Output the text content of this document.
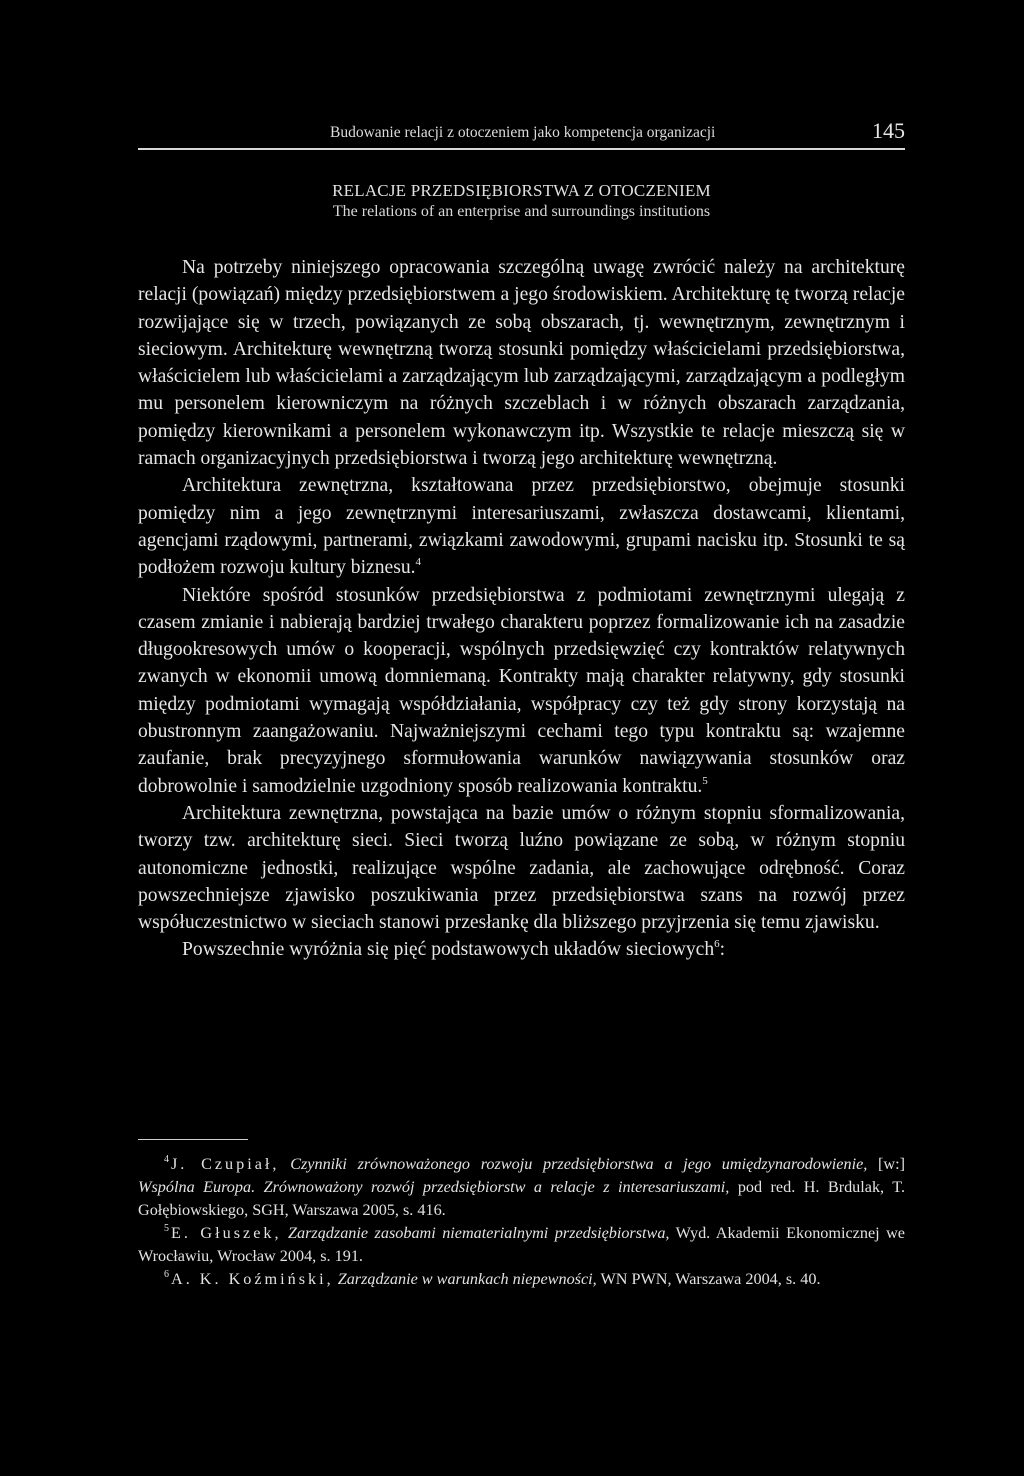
Budowanie relacji z otoczeniem jako kompetencja organizacji	145
RELACJE PRZEDSIĘBIORSTWA Z OTOCZENIEM
The relations of an enterprise and surroundings institutions

Na potrzeby niniejszego opracowania szczególną uwagę zwrócić należy na architekturę relacji (powiązań) między przedsiębiorstwem a jego środowiskiem. Architekturę tę tworzą relacje rozwijające się w trzech, powiązanych ze sobą obszarach, tj. wewnętrznym, zewnętrznym i sieciowym. Architekturę wewnętrzną tworzą stosunki pomiędzy właścicielami przedsiębiorstwa, właścicielem lub właścicielami a zarządzającym lub zarządzającymi, zarządzającym a podległym mu personelem kierowniczym na różnych szczeblach i w różnych obszarach zarządzania, pomiędzy kierownikami a personelem wykonawczym itp. Wszystkie te relacje mieszczą się w ramach organizacyjnych przedsiębiorstwa i tworzą jego architekturę wewnętrzną.

Architektura zewnętrzna, kształtowana przez przedsiębiorstwo, obejmuje stosunki pomiędzy nim a jego zewnętrznymi interesariuszami, zwłaszcza dostawcami, klientami, agencjami rządowymi, partnerami, związkami zawodowymi, grupami nacisku itp. Stosunki te są podłożem rozwoju kultury biznesu.$^4$

Niektóre spośród stosunków przedsiębiorstwa z podmiotami zewnętrznymi ulegają z czasem zmianie i nabierają bardziej trwałego charakteru poprzez formalizowanie ich na zasadzie długookresowych umów o kooperacji, wspólnych przedsięwzięć czy kontraktów relatywnych zwanych w ekonomii umową domniemaną. Kontrakty mają charakter relatywny, gdy stosunki między podmiotami wymagają współdziałania, współpracy czy też gdy strony korzystają na obustronnym zaangażowaniu. Najważniejszymi cechami tego typu kontraktu są: wzajemne zaufanie, brak precyzyjnego sformułowania warunków nawiązywania stosunków oraz dobrowolnie i samodzielnie uzgodniony sposób realizowania kontraktu.$^5$

Architektura zewnętrzna, powstająca na bazie umów o różnym stopniu sformalizowania, tworzy tzw. architekturę sieci. Sieci tworzą luźno powiązane ze sobą, w różnym stopniu autonomiczne jednostki, realizujące wspólne zadania, ale zachowujące odrębność. Coraz powszechniejsze zjawisko poszukiwania przez przedsiębiorstwa szans na rozwój przez współuczestnictwo w sieciach stanowi przesłankę dla bliższego przyjrzenia się temu zjawisku.

Powszechnie wyróżnia się pięć podstawowych układów sieciowych$^6$:

$^4$ J. Czupiał, Czynniki zrównoważonego rozwoju przedsiębiorstwa a jego umiędzynarodowienie, [w:] Wspólna Europa. Zrównoważony rozwój przedsiębiorstw a relacje z interesariuszami, pod red. H. Brdulak, T. Gołębiowskiego, SGH, Warszawa 2005, s. 416.

$^5$ E. Głuszek, Zarządzanie zasobami niematerialnymi przedsiębiorstwa, Wyd. Akademii Ekonomicznej we Wrocławiu, Wrocław 2004, s. 191.

$^6$ A. K. Koźmiński, Zarządzanie w warunkach niepewności, WN PWN, Warszawa 2004, s. 40.
